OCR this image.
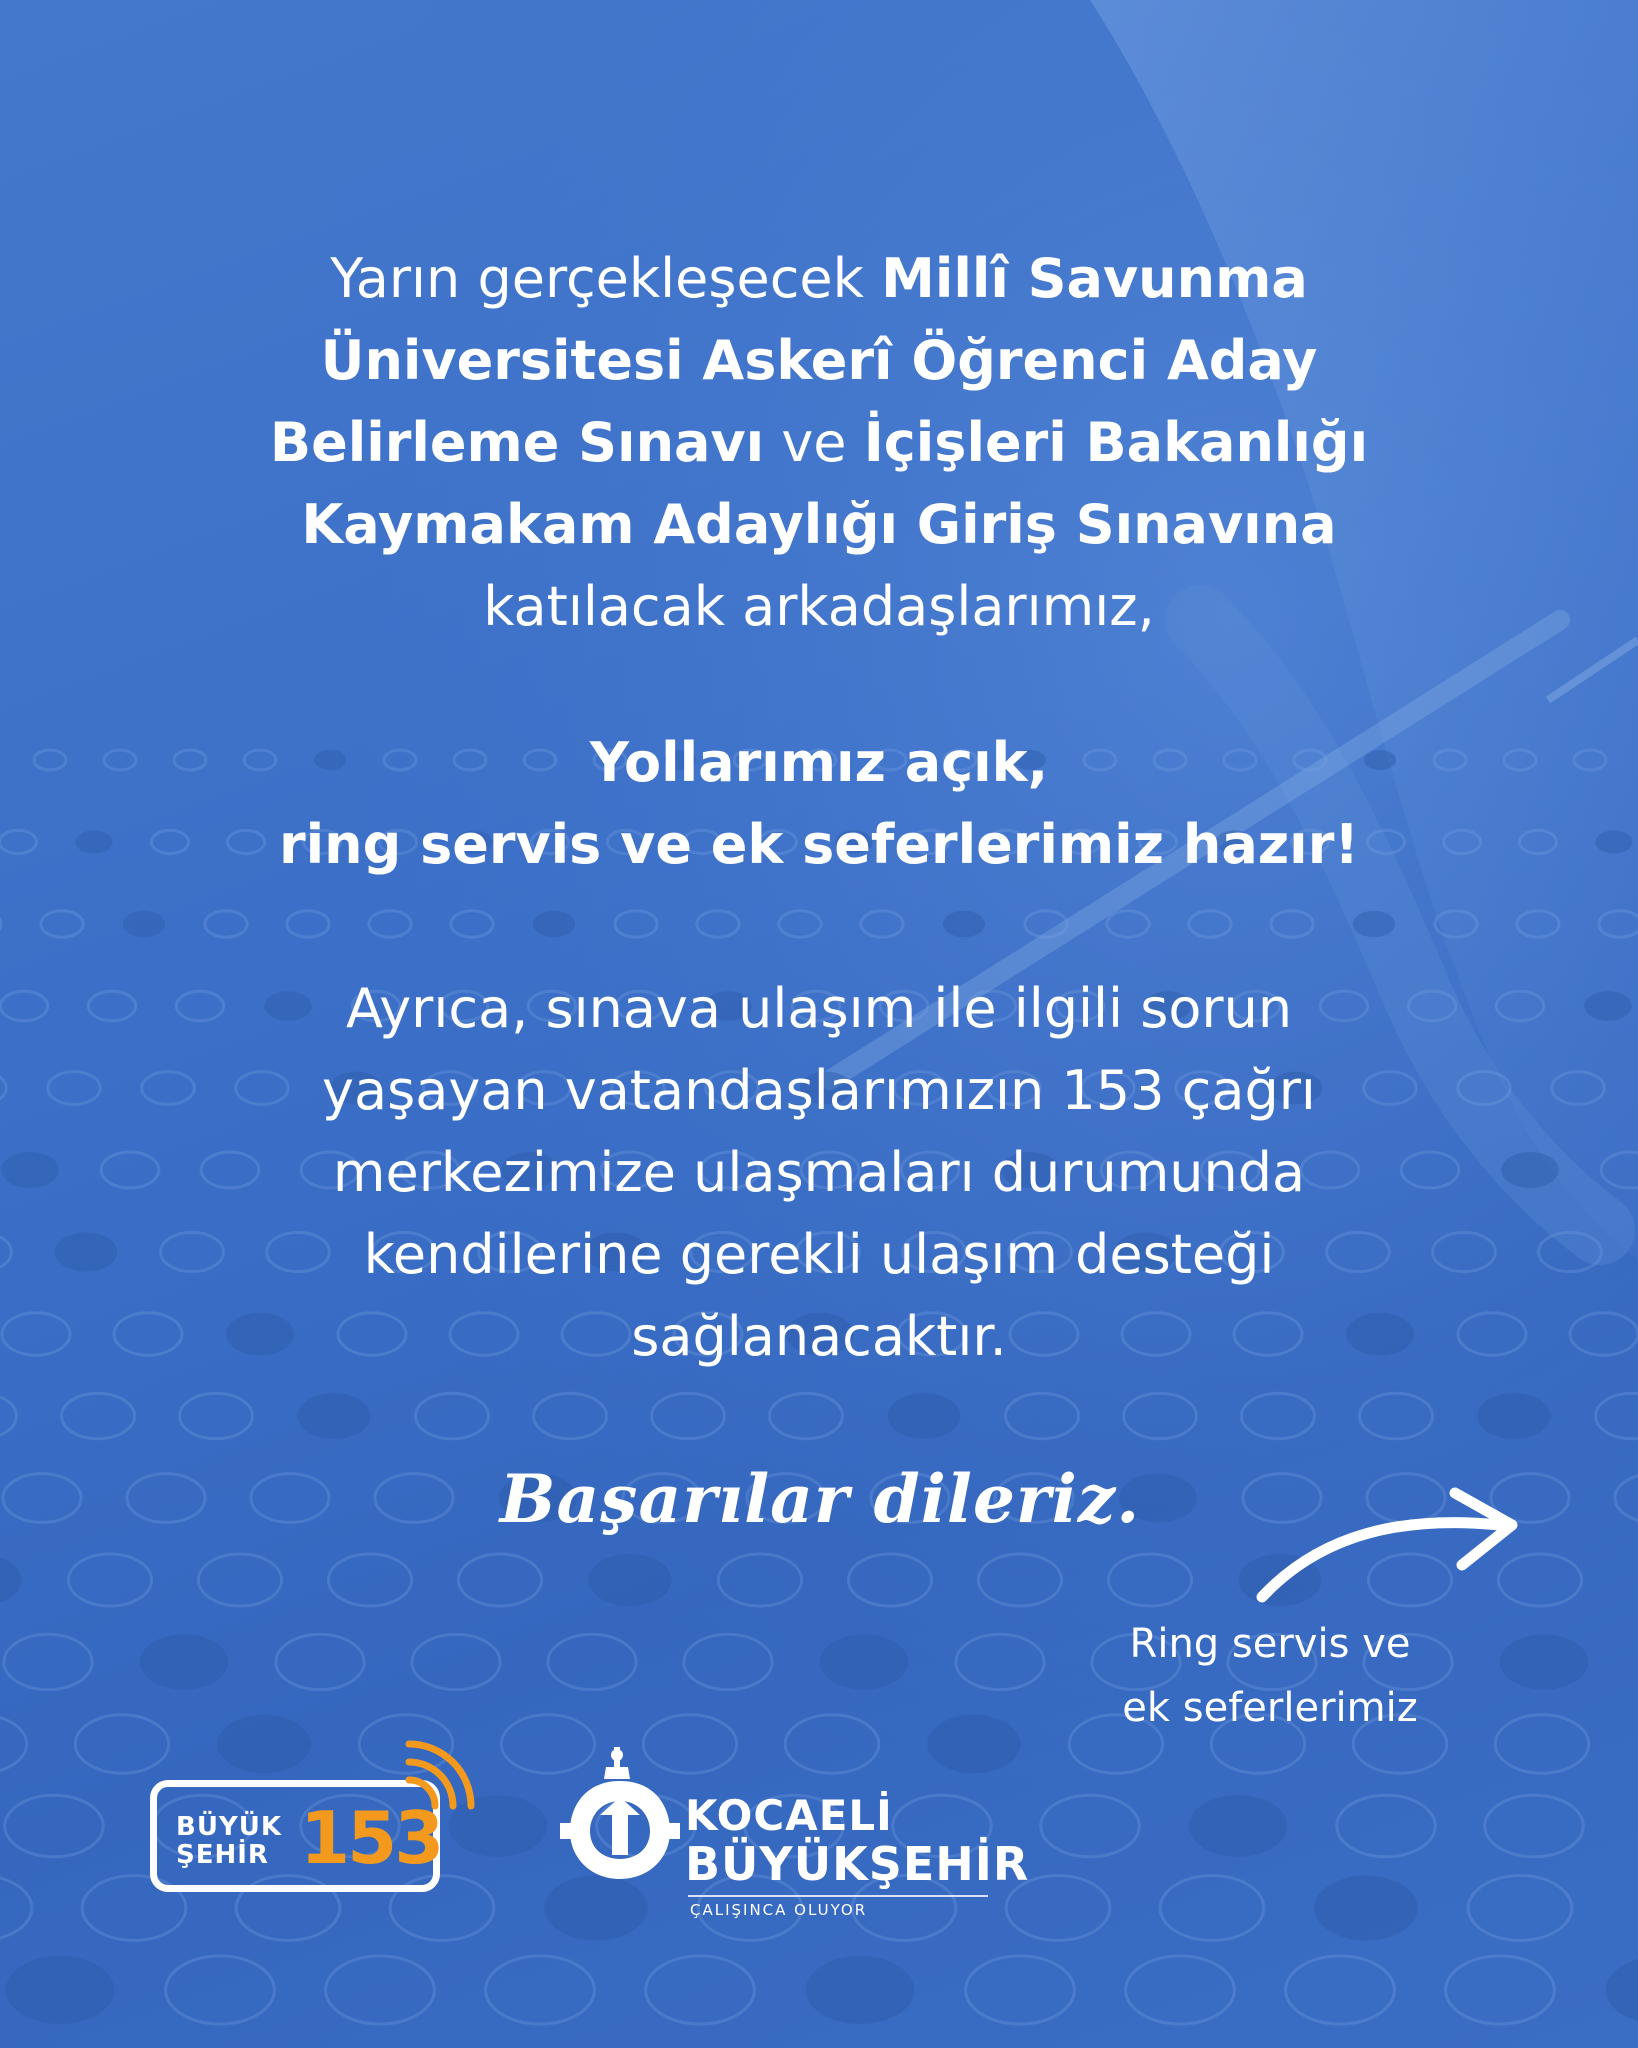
Yarın gerçekleşecek Millî Savunma
Üniversitesi Askerî Öğrenci Aday
Belirleme Sınavı ve İçişleri Bakanlığı
Kaymakam Adaylığı Giriş Sınavına
katılacak arkadaşlarımız,
Yollarımız açık,
ring servis ve ek seferlerimiz hazır!
Ayrıca, sınava ulaşım ile ilgili sorun
yaşayan vatandaşlarımızın 153 çağrı
merkezimize ulaşmaları durumunda
kendilerine gerekli ulaşım desteği
sağlanacaktır.
Başarılar dileriz.
Ring servis ve
ek seferlerimiz
BÜYÜK
ŞEHİR 153	KOCAELİ
BÜYÜKŞEHİR
ÇALIŞINCA OLUYOR
